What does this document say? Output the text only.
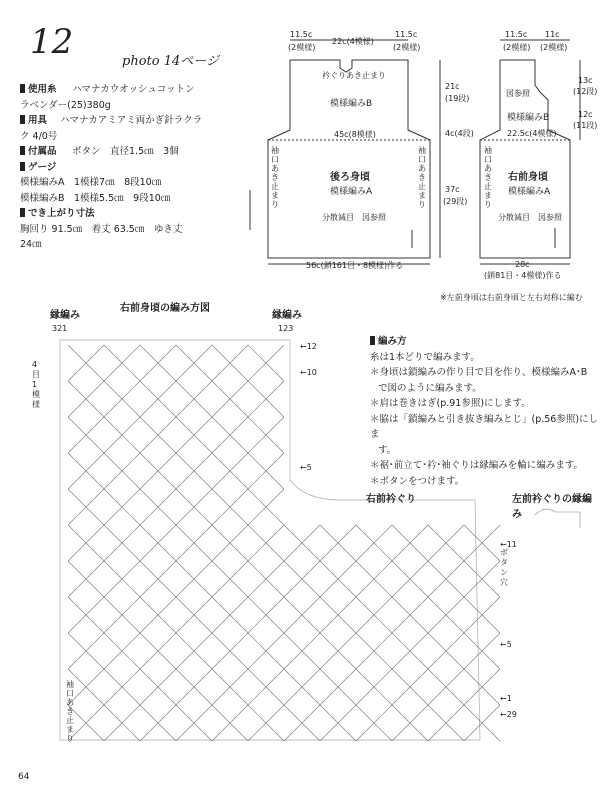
12	photo 14ページ
使用糸	ハマナカウオッシュコットン
ラベンダー(25)380g
用具	ハマナカアミアミ両かぎ針ラクラ
ク 4/0号
付属品	ボタン　直径1.5㎝　3個
ゲージ
模様編みA　1模様7㎝　8段10㎝
模様編みB　1模様5.5㎝　9段10㎝
でき上がり寸法
胸回り 91.5㎝　着丈 63.5㎝　ゆき丈
24㎝
11.5c
(2模様)
22c(4模様)
11.5c
(2模様)
衿ぐりあき止まり
模様編みB
45c(8模様)
後ろ身頃
模様編みA
分散減目　図参照
袖口あき止まり
袖口あき止まり
56c(鎖161目・8模様)作る
21c
(19段)
4c(4段)
37c
(29段)
11.5c
(2模様)
11c
(2模様)
図参照
模様編みB
22.5c(4模様)
右前身頃
模様編みA
分散減目　図参照
袖口あき止まり
28c
(鎖81目・4模様)作る
13c
(12段)
12c
(11段)
※左前身頃は右前身頃と左右対称に編む
右前身頃の編み方図
縁編み	縁編み
321	123
4目1模様
←12
←10
←5
右前衿ぐり
ボタン穴
袖口あき止まり
←11
←5
←1
←29
左前衿ぐりの縁編み
編み方
糸は1本どりで編みます。
＊身頃は鎖編みの作り目で目を作り、模様編みA･B
で図のように編みます。
＊肩は巻きはぎ(p.91参照)にします。
＊脇は「鎖編みと引き抜き編みとじ」(p.56参照)にしま
す。
＊裾･前立て･衿･袖ぐりは縁編みを輪に編みます。
＊ボタンをつけます。
64
